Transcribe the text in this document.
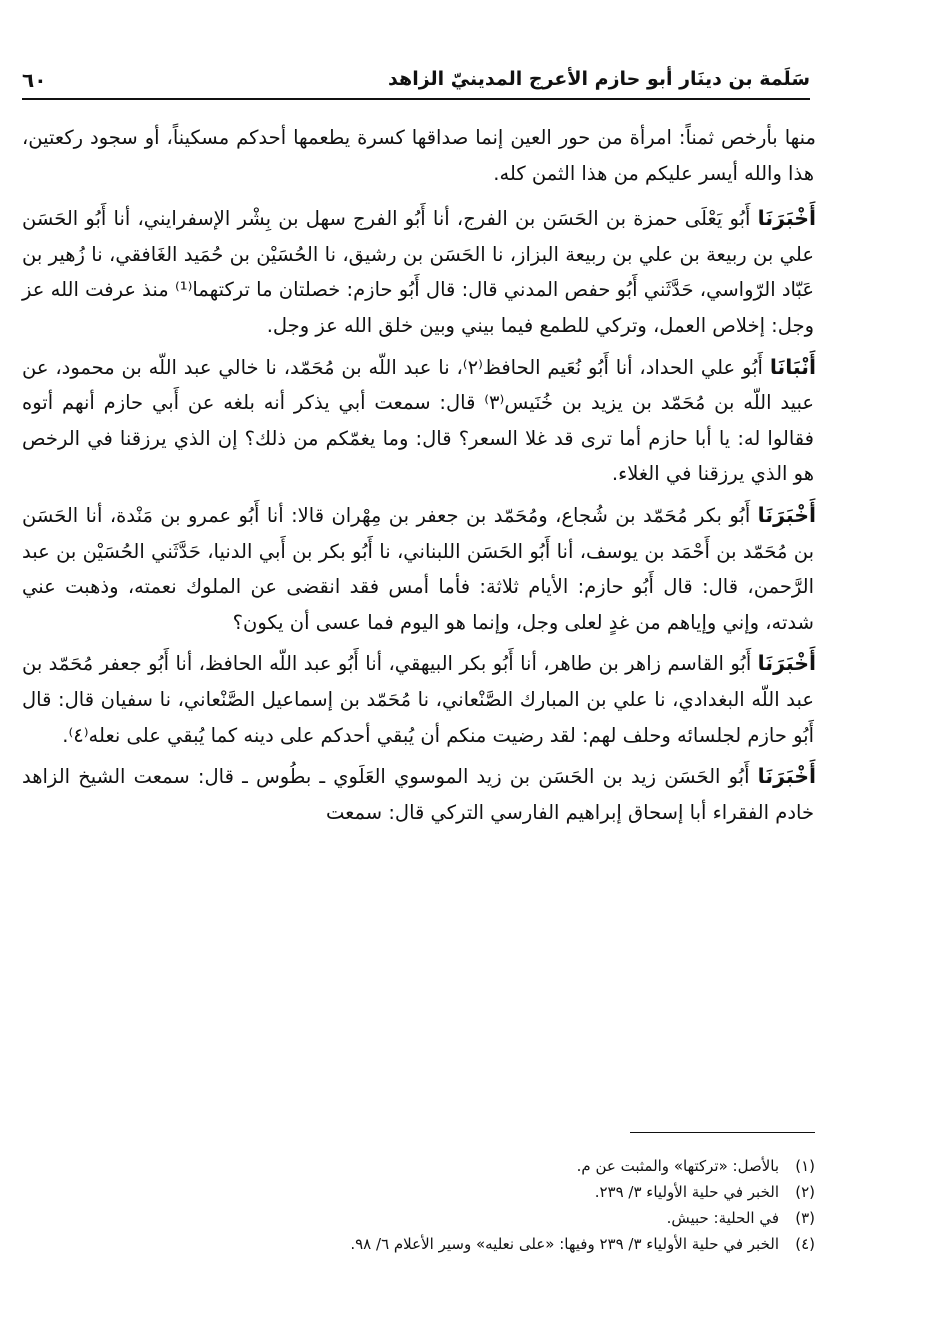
سَلَمة بن دينَار أبو حازم الأعرج المدينيّ الزاهد
٦٠

منها بأرخص ثمناً: امرأة من حور العين إنما صداقها كسرة يطعمها أحدكم مسكيناً، أو سجود ركعتين، هذا والله أيسر عليكم من هذا الثمن كله.

أَخْبَرَنَا أَبُو يَعْلَى حمزة بن الحَسَن بن الفرج، أنا أَبُو الفرج سهل بن بِشْر الإسفرايني، أنا أَبُو الحَسَن علي بن ربيعة بن علي بن ربيعة البزاز، نا الحَسَن بن رشيق، نا الحُسَيْن بن حُمَيد الغَافقي، نا زُهير بن عَبّاد الرّواسي، حَدَّثَني أَبُو حفص المدني قال: قال أَبُو حازم: خصلتان ما تركتهما⁽¹⁾ منذ عرفت الله عز وجل: إخلاص العمل، وتركي للطمع فيما بيني وبين خلق الله عز وجل.

أَنْبَانَا أَبُو علي الحداد، أنا أَبُو نُعَيم الحافظ⁽٢⁾، نا عبد اللّه بن مُحَمّد، نا خالي عبد اللّه بن محمود، عن عبيد اللّه بن مُحَمّد بن يزيد بن خُنَيس⁽٣⁾ قال: سمعت أبي يذكر أنه بلغه عن أَبي حازم أنهم أتوه فقالوا له: يا أبا حازم أما ترى قد غلا السعر؟ قال: وما يغمّكم من ذلك؟ إن الذي يرزقنا في الرخص هو الذي يرزقنا في الغلاء.

أَخْبَرَنَا أَبُو بكر مُحَمّد بن شُجاع، ومُحَمّد بن جعفر بن مِهْران قالا: أنا أَبُو عمرو بن مَنْدة، أنا الحَسَن بن مُحَمّد بن أَحْمَد بن يوسف، أنا أَبُو الحَسَن اللبناني، نا أَبُو بكر بن أَبي الدنيا، حَدَّثَني الحُسَيْن بن عبد الرَّحمن، قال: قال أَبُو حازم: الأيام ثلاثة: فأما أمس فقد انقضى عن الملوك نعمته، وذهبت عني شدته، وإني وإياهم من غدٍ لعلى وجل، وإنما هو اليوم فما عسى أن يكون؟

أَخْبَرَنَا أَبُو القاسم زاهر بن طاهر، أنا أَبُو بكر البيهقي، أنا أَبُو عبد اللّه الحافظ، أنا أَبُو جعفر مُحَمّد بن عبد اللّه البغدادي، نا علي بن المبارك الصَّنْعاني، نا مُحَمّد بن إسماعيل الصَّنْعاني، نا سفيان قال: قال أَبُو حازم لجلسائه وحلف لهم: لقد رضيت منكم أن يُبقي أحدكم على دينه كما يُبقي على نعله⁽٤⁾.

أَخْبَرَنَا أَبُو الحَسَن زيد بن الحَسَن بن زيد الموسوي العَلَوي ـ بطُوس ـ قال: سمعت الشيخ الزاهد خادم الفقراء أبا إسحاق إبراهيم الفارسي التركي قال: سمعت

(١)بالأصل: «تركتها» والمثبت عن م.
(٢)الخبر في حلية الأولياء ٣/ ٢٣٩.
(٣)في الحلية: حبيش.
(٤)الخبر في حلية الأولياء ٣/ ٢٣٩ وفيها: «على نعليه» وسير الأعلام ٦/ ٩٨.
